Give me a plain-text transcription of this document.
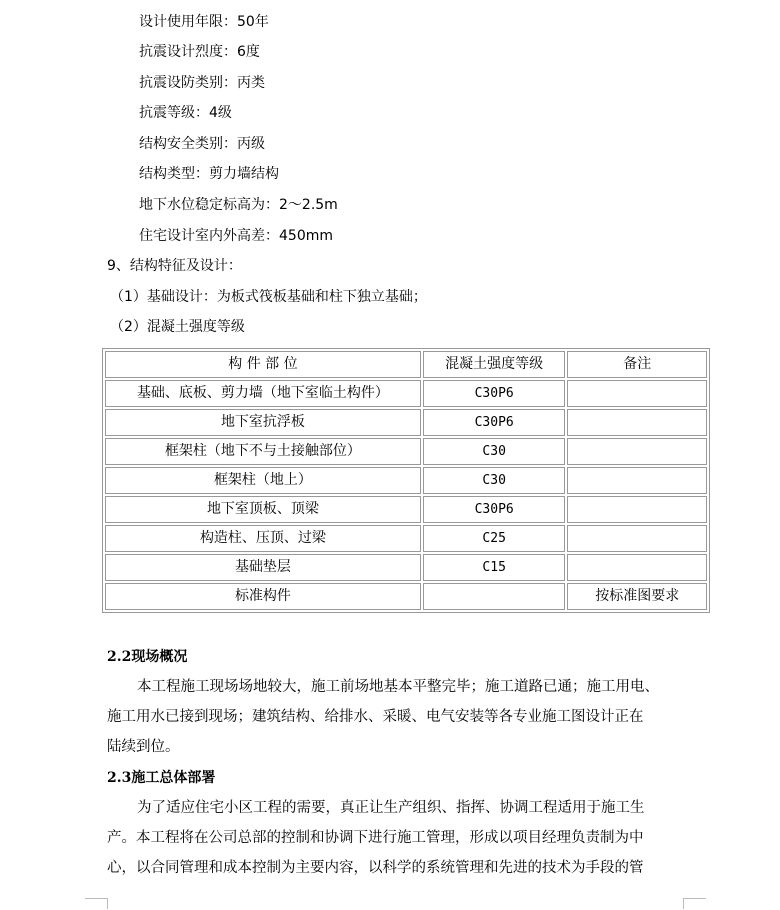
设计使用年限：50年
抗震设计烈度：6度
抗震设防类别：丙类
抗震等级：4级
结构安全类别：丙级
结构类型：剪力墙结构
地下水位稳定标高为：2～2.5m
住宅设计室内外高差：450mm
9、结构特征及设计：
（1）基础设计：为板式筏板基础和柱下独立基础；
（2）混凝土强度等级
构 件 部 位	混凝土强度等级	备注
基础、底板、剪力墙（地下室临土构件）	C30P6	
地下室抗浮板	C30P6	
框架柱（地下不与土接触部位）	C30	
框架柱（地上）	C30	
地下室顶板、顶梁	C30P6	
构造柱、压顶、过梁	C25	
基础垫层	C15	
标准构件		按标准图要求
2.2现场概况

本工程施工现场场地较大，施工前场地基本平整完毕；施工道路已通；施工用电、

施工用水已接到现场；建筑结构、给排水、采暖、电气安装等各专业施工图设计正在

陆续到位。

2.3施工总体部署

为了适应住宅小区工程的需要，真正让生产组织、指挥、协调工程适用于施工生

产。本工程将在公司总部的控制和协调下进行施工管理，形成以项目经理负责制为中

心，以合同管理和成本控制为主要内容，以科学的系统管理和先进的技术为手段的管
